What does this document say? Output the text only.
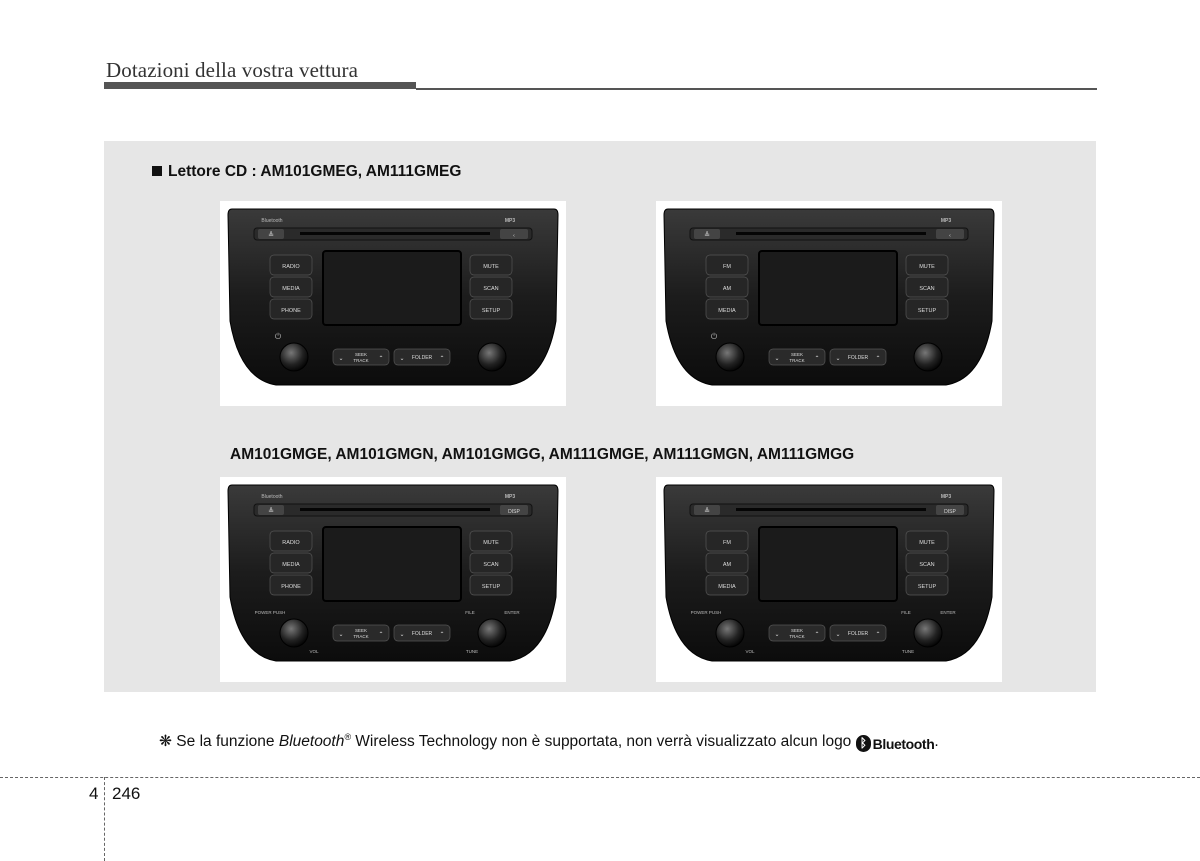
Dotazioni della vostra vettura
Lettore CD : AM101GMEG, AM111GMEG
AM101GMGE, AM101GMGN, AM101GMGG, AM111GMGE, AM111GMGN, AM111GMGG
≜	‹
Bluetooth	MP3
RADIO
MEDIA
PHONE
MUTE
SCAN
SETUP
SEEK
TRACK
⌄	⌃	FOLDER
⌄	⌃
⏻
≜	‹
MP3
FM
AM
MEDIA
MUTE
SCAN
SETUP
SEEK
TRACK
⌄	⌃	FOLDER
⌄	⌃
⏻
≜	DISP
Bluetooth	MP3
RADIO
MEDIA
PHONE
MUTE
SCAN
SETUP
SEEK
TRACK
⌄	⌃	FOLDER
⌄	⌃
POWER PUSH
VOL
FILE	ENTER
TUNE
≜	DISP
MP3
FM
AM
MEDIA
MUTE
SCAN
SETUP
SEEK
TRACK
⌄	⌃	FOLDER
⌄	⌃
POWER PUSH
VOL
FILE	ENTER
TUNE
❋ Se la funzione Bluetooth® Wireless Technology non è supportata, non verrà visualizzato alcun logo ᛒ Bluetooth .
4 246
